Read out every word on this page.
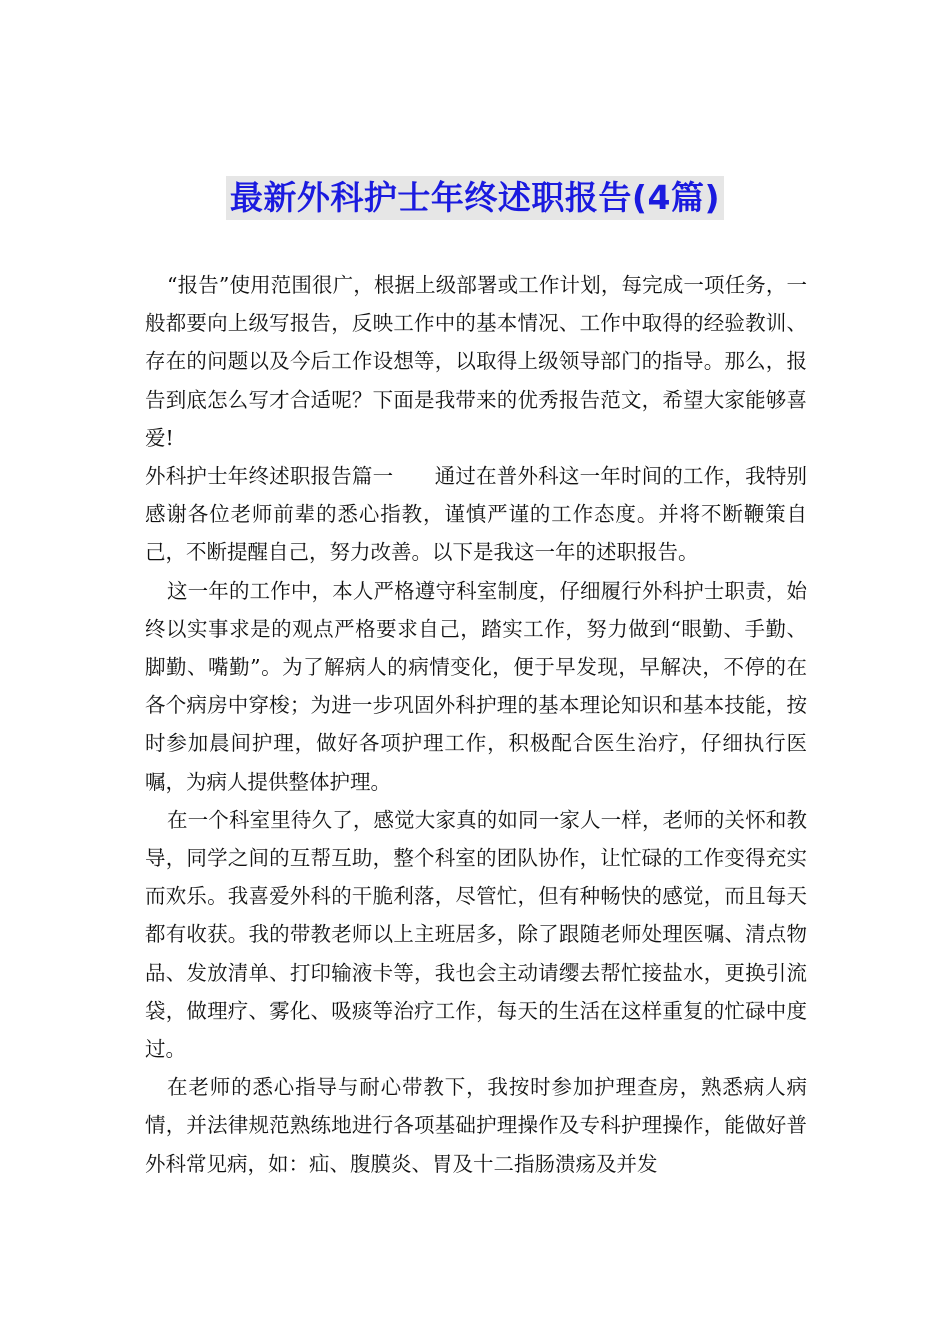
最新外科护士年终述职报告(4篇)

“报告”使用范围很广，根据上级部署或工作计划，每完成一项任务，一般都要向上级写报告，反映工作中的基本情况、工作中取得的经验教训、存在的问题以及今后工作设想等，以取得上级领导部门的指导。那么，报告到底怎么写才合适呢？下面是我带来的优秀报告范文，希望大家能够喜爱!

外科护士年终述职报告篇一　　 通过在普外科这一年时间的工作，我特别感谢各位老师前辈的悉心指教，谨慎严谨的工作态度。并将不断鞭策自己，不断提醒自己，努力改善。以下是我这一年的述职报告。

这一年的工作中，本人严格遵守科室制度，仔细履行外科护士职责，始终以实事求是的观点严格要求自己，踏实工作，努力做到“眼勤、手勤、脚勤、嘴勤”。为了解病人的病情变化，便于早发现，早解决，不停的在各个病房中穿梭；为进一步巩固外科护理的基本理论知识和基本技能，按时参加晨间护理，做好各项护理工作，积极配合医生治疗，仔细执行医嘱，为病人提供整体护理。

在一个科室里待久了，感觉大家真的如同一家人一样，老师的关怀和教导，同学之间的互帮互助，整个科室的团队协作，让忙碌的工作变得充实而欢乐。我喜爱外科的干脆利落，尽管忙，但有种畅快的感觉，而且每天都有收获。我的带教老师以上主班居多，除了跟随老师处理医嘱、清点物品、发放清单、打印输液卡等，我也会主动请缨去帮忙接盐水，更换引流袋，做理疗、雾化、吸痰等治疗工作，每天的生活在这样重复的忙碌中度过。

在老师的悉心指导与耐心带教下，我按时参加护理查房，熟悉病人病情，并法律规范熟练地进行各项基础护理操作及专科护理操作，能做好普外科常见病，如：疝、腹膜炎、胃及十二指肠溃疡及并发
